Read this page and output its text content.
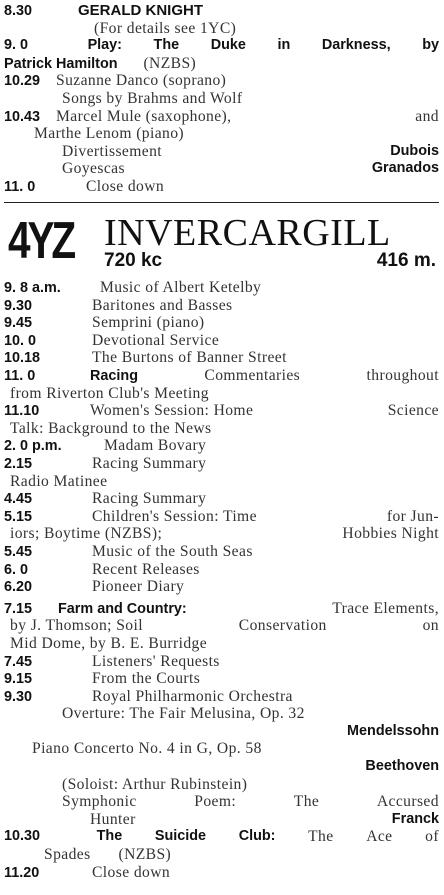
8.30	GERALD KNIGHT
(For details see 1YC)
9. 0	Play: The Duke in Darkness, by
Patrick Hamilton (NZBS)
10.29 Suzanne Danco (soprano)
Songs by Brahms and Wolf
10.43 Marcel Mule (saxophone),	and
Marthe Lenom (piano)
Divertissement	Dubois
Goyescas	Granados
11. 0	Close down
4YZ INVERCARGILL
720 kc	416 m.
9. 8 a.m.	Music of Albert Ketelby
9.30	Baritones and Basses
9.45	Semprini (piano)
10. 0	Devotional Service
10.18	The Burtons of Banner Street
11. 0	Racing	Commentaries	throughout
from Riverton Club's Meeting
11.10	Women's Session: Home	Science
Talk: Background to the News
2. 0 p.m.	Madam Bovary
2.15	Racing Summary
Radio Matinee
4.45	Racing Summary
5.15	Children's Session: Time	for Jun-
iors; Boytime (NZBS);	Hobbies Night
5.45	Music of the South Seas
6. 0	Recent Releases
6.20	Pioneer Diary
7.15 Farm and Country:	Trace Elements,
by J. Thomson; Soil	Conservation	on
Mid Dome, by B. E. Burridge
7.45	Listeners' Requests
9.15	From the Courts
9.30	Royal Philharmonic Orchestra
Overture: The Fair Melusina, Op. 32
Mendelssohn
Piano Concerto No. 4 in G, Op. 58
Beethoven
(Soloist: Arthur Rubinstein)
Symphonic	Poem:	The	Accursed
Hunter	Franck
10.30	The Suicide Club: The Ace of
Spades (NZBS)
11.20	Close down
